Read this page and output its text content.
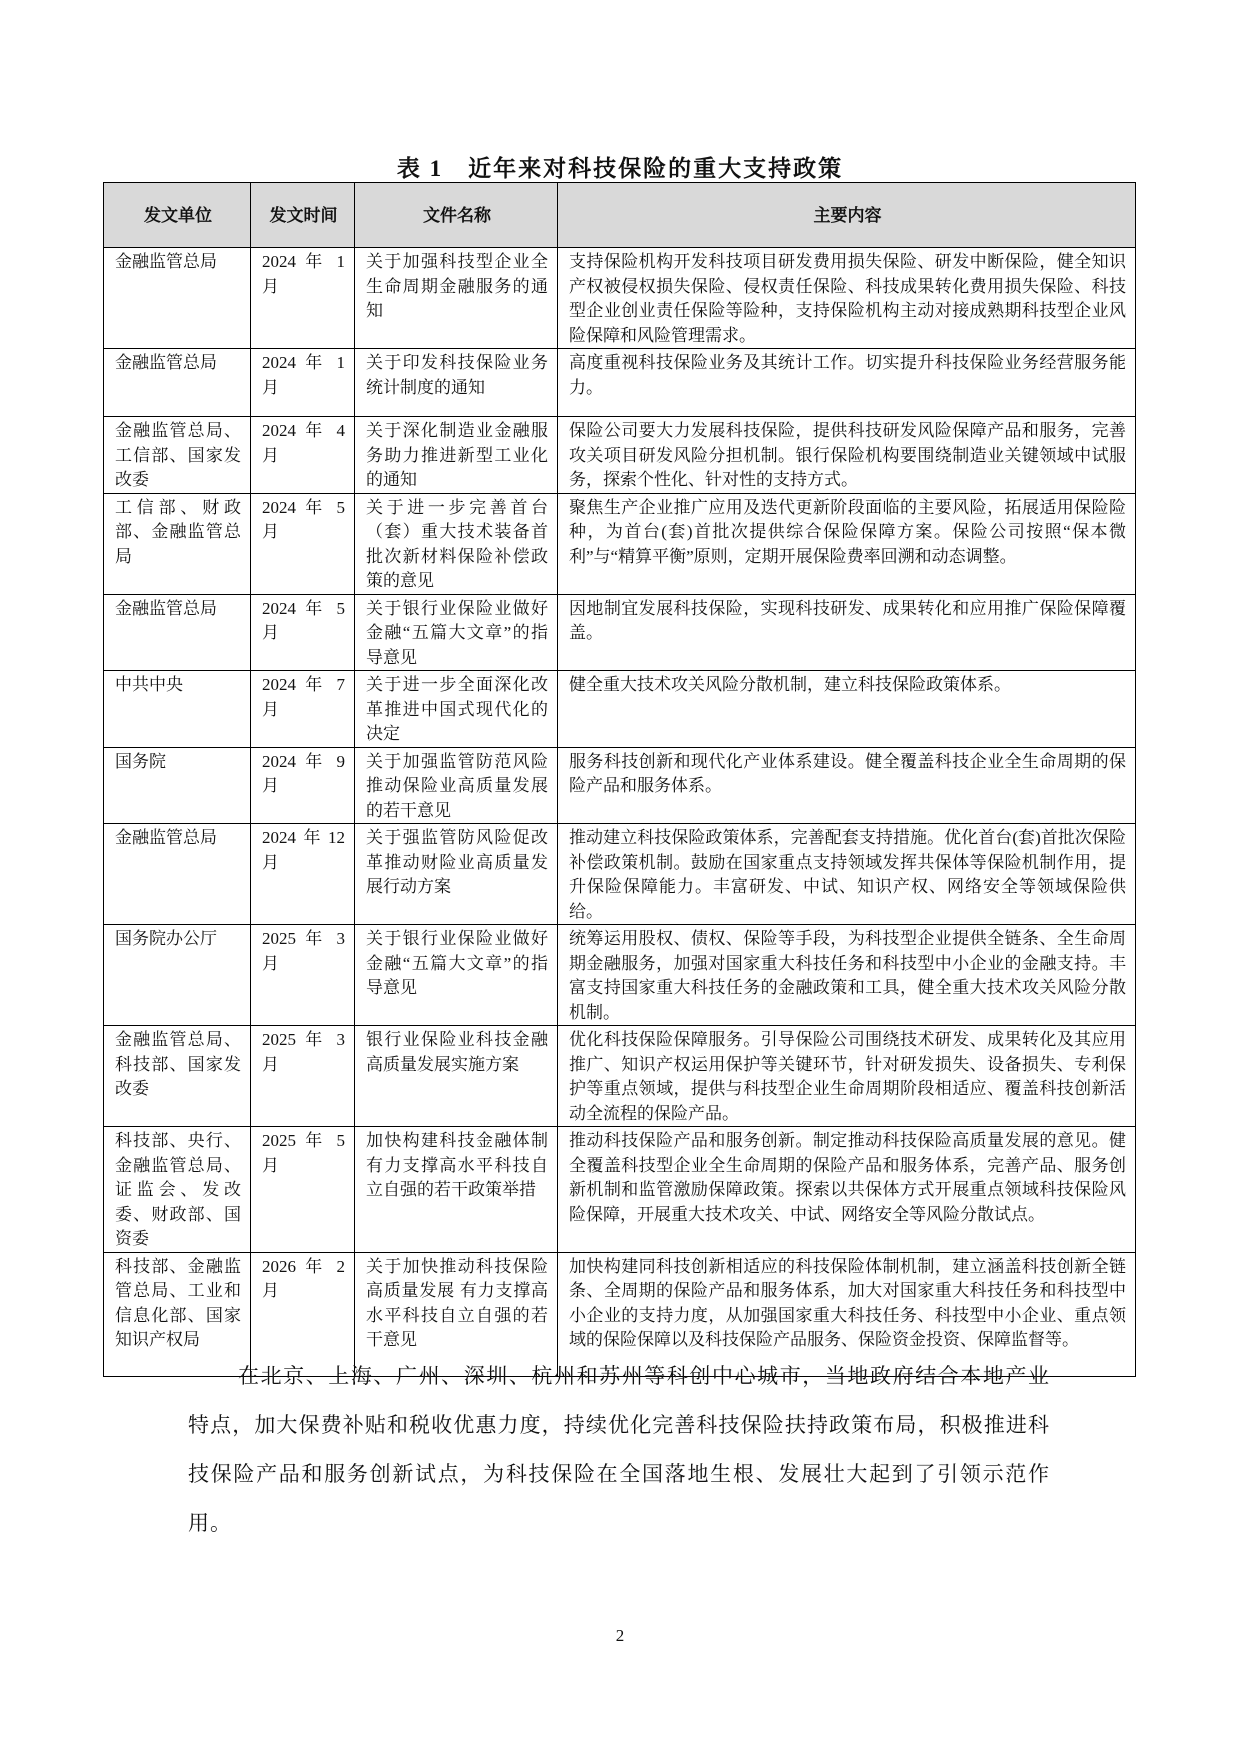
表 1　近年来对科技保险的重大支持政策
发文单位	发文时间	文件名称	主要内容
金融监管总局	2024 年 1 月	关于加强科技型企业全生命周期金融服务的通知	支持保险机构开发科技项目研发费用损失保险、研发中断保险，健全知识产权被侵权损失保险、侵权责任保险、科技成果转化费用损失保险、科技型企业创业责任保险等险种，支持保险机构主动对接成熟期科技型企业风险保障和风险管理需求。
金融监管总局	2024 年 1 月	关于印发科技保险业务统计制度的通知	高度重视科技保险业务及其统计工作。切实提升科技保险业务经营服务能力。
金融监管总局、工信部、国家发改委	2024 年 4 月	关于深化制造业金融服务助力推进新型工业化的通知	保险公司要大力发展科技保险，提供科技研发风险保障产品和服务，完善攻关项目研发风险分担机制。银行保险机构要围绕制造业关键领域中试服务，探索个性化、针对性的支持方式。
工信部、财政部、金融监管总局	2024 年 5 月	关于进一步完善首台（套）重大技术装备首批次新材料保险补偿政策的意见	聚焦生产企业推广应用及迭代更新阶段面临的主要风险，拓展适用保险险种，为首台(套)首批次提供综合保险保障方案。保险公司按照“保本微利”与“精算平衡”原则，定期开展保险费率回溯和动态调整。
金融监管总局	2024 年 5 月	关于银行业保险业做好金融“五篇大文章”的指导意见	因地制宜发展科技保险，实现科技研发、成果转化和应用推广保险保障覆盖。
中共中央	2024 年 7 月	关于进一步全面深化改革推进中国式现代化的决定	健全重大技术攻关风险分散机制，建立科技保险政策体系。
国务院	2024 年 9 月	关于加强监管防范风险推动保险业高质量发展的若干意见	服务科技创新和现代化产业体系建设。健全覆盖科技企业全生命周期的保险产品和服务体系。
金融监管总局	2024年12月	关于强监管防风险促改革推动财险业高质量发展行动方案	推动建立科技保险政策体系，完善配套支持措施。优化首台(套)首批次保险补偿政策机制。鼓励在国家重点支持领域发挥共保体等保险机制作用，提升保险保障能力。丰富研发、中试、知识产权、网络安全等领域保险供给。
国务院办公厅	2025 年 3 月	关于银行业保险业做好金融“五篇大文章”的指导意见	统筹运用股权、债权、保险等手段，为科技型企业提供全链条、全生命周期金融服务，加强对国家重大科技任务和科技型中小企业的金融支持。丰富支持国家重大科技任务的金融政策和工具，健全重大技术攻关风险分散机制。
金融监管总局、科技部、国家发改委	2025 年 3 月	银行业保险业科技金融高质量发展实施方案	优化科技保险保障服务。引导保险公司围绕技术研发、成果转化及其应用推广、知识产权运用保护等关键环节，针对研发损失、设备损失、专利保护等重点领域，提供与科技型企业生命周期阶段相适应、覆盖科技创新活动全流程的保险产品。
科技部、央行、金融监管总局、证监会、发改委、财政部、国资委	2025 年 5 月	加快构建科技金融体制 有力支撑高水平科技自立自强的若干政策举措	推动科技保险产品和服务创新。制定推动科技保险高质量发展的意见。健全覆盖科技型企业全生命周期的保险产品和服务体系，完善产品、服务创新机制和监管激励保障政策。探索以共保体方式开展重点领域科技保险风险保障，开展重大技术攻关、中试、网络安全等风险分散试点。
科技部、金融监管总局、工业和信息化部、国家知识产权局	2026 年 2 月	关于加快推动科技保险高质量发展 有力支撑高水平科技自立自强的若干意见	加快构建同科技创新相适应的科技保险体制机制，建立涵盖科技创新全链条、全周期的保险产品和服务体系，加大对国家重大科技任务和科技型中小企业的支持力度，从加强国家重大科技任务、科技型中小企业、重点领域的保险保障以及科技保险产品服务、保险资金投资、保障监督等。

在北京、上海、广州、深圳、杭州和苏州等科创中心城市，当地政府结合本地产业特点，加大保费补贴和税收优惠力度，持续优化完善科技保险扶持政策布局，积极推进科技保险产品和服务创新试点，为科技保险在全国落地生根、发展壮大起到了引领示范作用。

2
